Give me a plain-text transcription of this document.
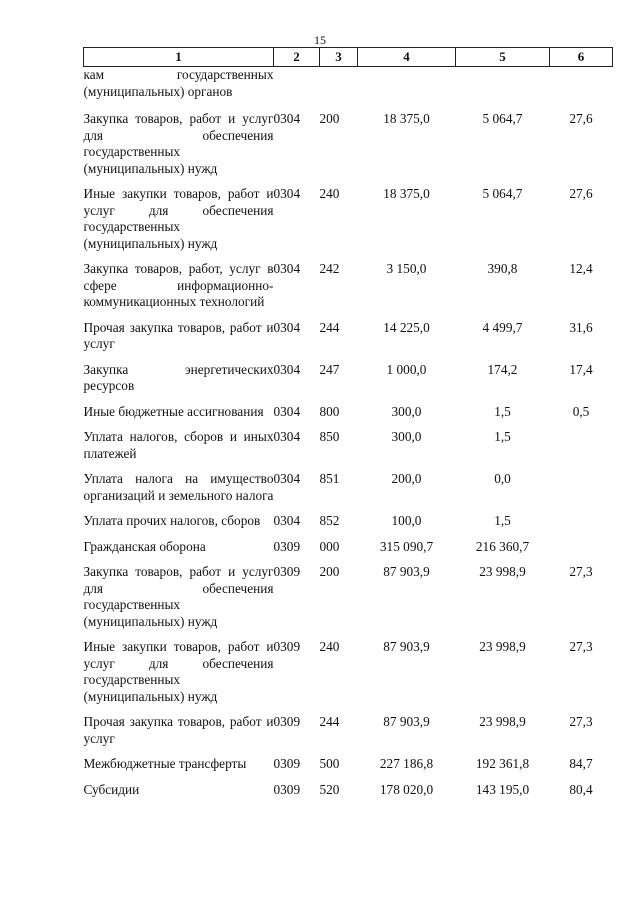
15
1	2	3	4	5	6
кам государственных (муниципальных) органов					
Закупка товаров, работ и услуг для обеспечения государственных (муниципальных) нужд	0304	200	18 375,0	5 064,7	27,6
Иные закупки товаров, работ и услуг для обеспечения государственных (муниципальных) нужд	0304	240	18 375,0	5 064,7	27,6
Закупка товаров, работ, услуг в сфере информационно-коммуникационных технологий	0304	242	3 150,0	390,8	12,4
Прочая закупка товаров, работ и услуг	0304	244	14 225,0	4 499,7	31,6
Закупка энергетических ресурсов	0304	247	1 000,0	174,2	17,4
Иные бюджетные ассигнования	0304	800	300,0	1,5	0,5
Уплата налогов, сборов и иных платежей	0304	850	300,0	1,5	
Уплата налога на имущество организаций и земельного налога	0304	851	200,0	0,0	
Уплата прочих налогов, сборов	0304	852	100,0	1,5	
Гражданская оборона	0309	000	315 090,7	216 360,7	
Закупка товаров, работ и услуг для обеспечения государственных (муниципальных) нужд	0309	200	87 903,9	23 998,9	27,3
Иные закупки товаров, работ и услуг для обеспечения государственных (муниципальных) нужд	0309	240	87 903,9	23 998,9	27,3
Прочая закупка товаров, работ и услуг	0309	244	87 903,9	23 998,9	27,3
Межбюджетные трансферты	0309	500	227 186,8	192 361,8	84,7
Субсидии	0309	520	178 020,0	143 195,0	80,4
